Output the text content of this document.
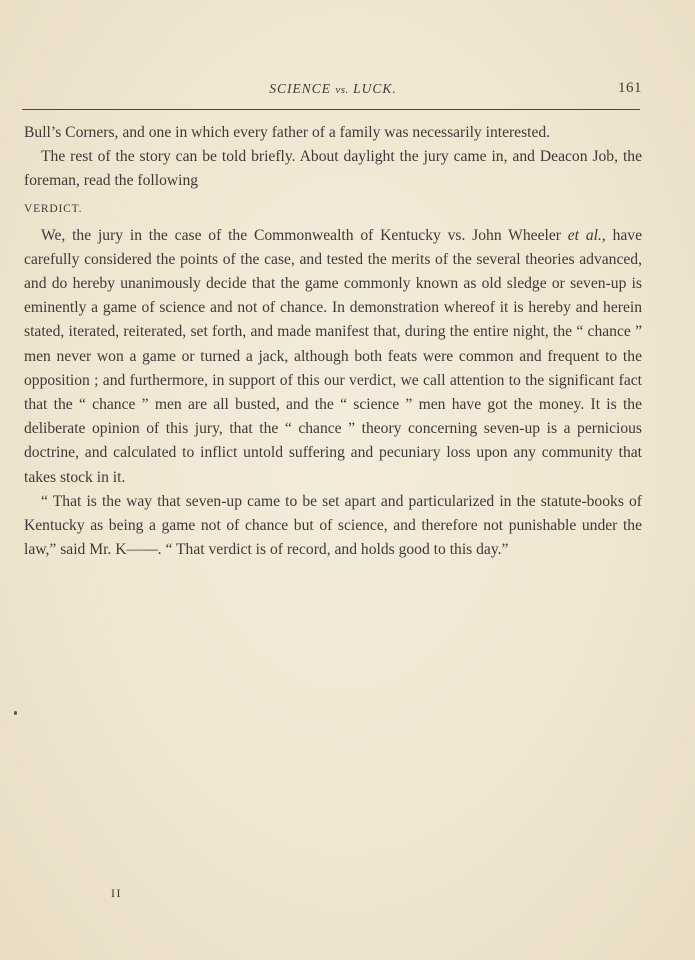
SCIENCE vs. LUCK.	161

Bull’s Corners, and one in which every father of a family was necessarily interested.

The rest of the story can be told briefly. About daylight the jury came in, and Deacon Job, the foreman, read the following

VERDICT.

We, the jury in the case of the Commonwealth of Kentucky vs. John Wheeler et al., have carefully considered the points of the case, and tested the merits of the several theories advanced, and do hereby unanimously decide that the game commonly known as old sledge or seven-up is eminently a game of science and not of chance. In demonstration whereof it is hereby and herein stated, iterated, reiterated, set forth, and made manifest that, during the entire night, the “ chance ” men never won a game or turned a jack, although both feats were common and frequent to the opposition ; and furthermore, in support of this our verdict, we call attention to the significant fact that the “ chance ” men are all busted, and the “ science ” men have got the money. It is the deliberate opinion of this jury, that the “ chance ” theory concerning seven-up is a pernicious doctrine, and calculated to inflict untold suffering and pecuniary loss upon any community that takes stock in it.

“ That is the way that seven-up came to be set apart and particularized in the statute-books of Kentucky as being a game not of chance but of science, and therefore not punishable under the law,” said Mr. K——. “ That verdict is of record, and holds good to this day.”

II
